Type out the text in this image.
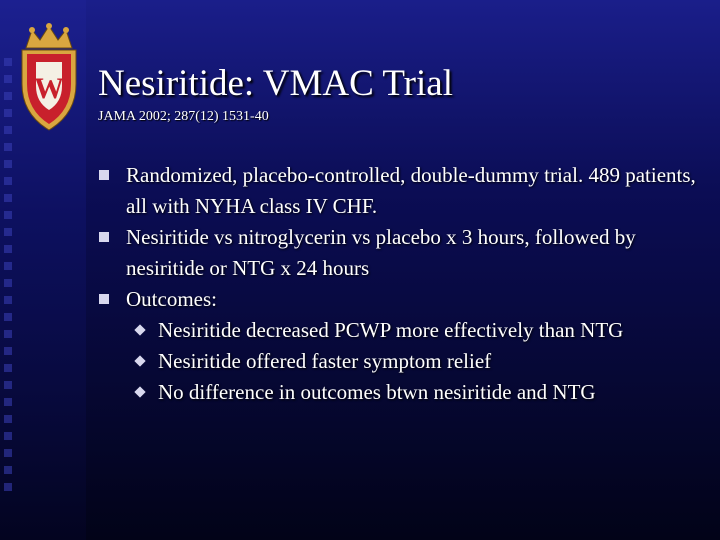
W Nesiritide: VMAC Trial

JAMA 2002; 287(12) 1531-40

Randomized, placebo-controlled, double-dummy trial. 489 patients, all with NYHA class IV CHF.
Nesiritide vs nitroglycerin vs placebo x 3 hours, followed by nesiritide or NTG x 24 hours
Outcomes:
Nesiritide decreased PCWP more effectively than NTG
Nesiritide offered faster symptom relief
No difference in outcomes btwn nesiritide and NTG
